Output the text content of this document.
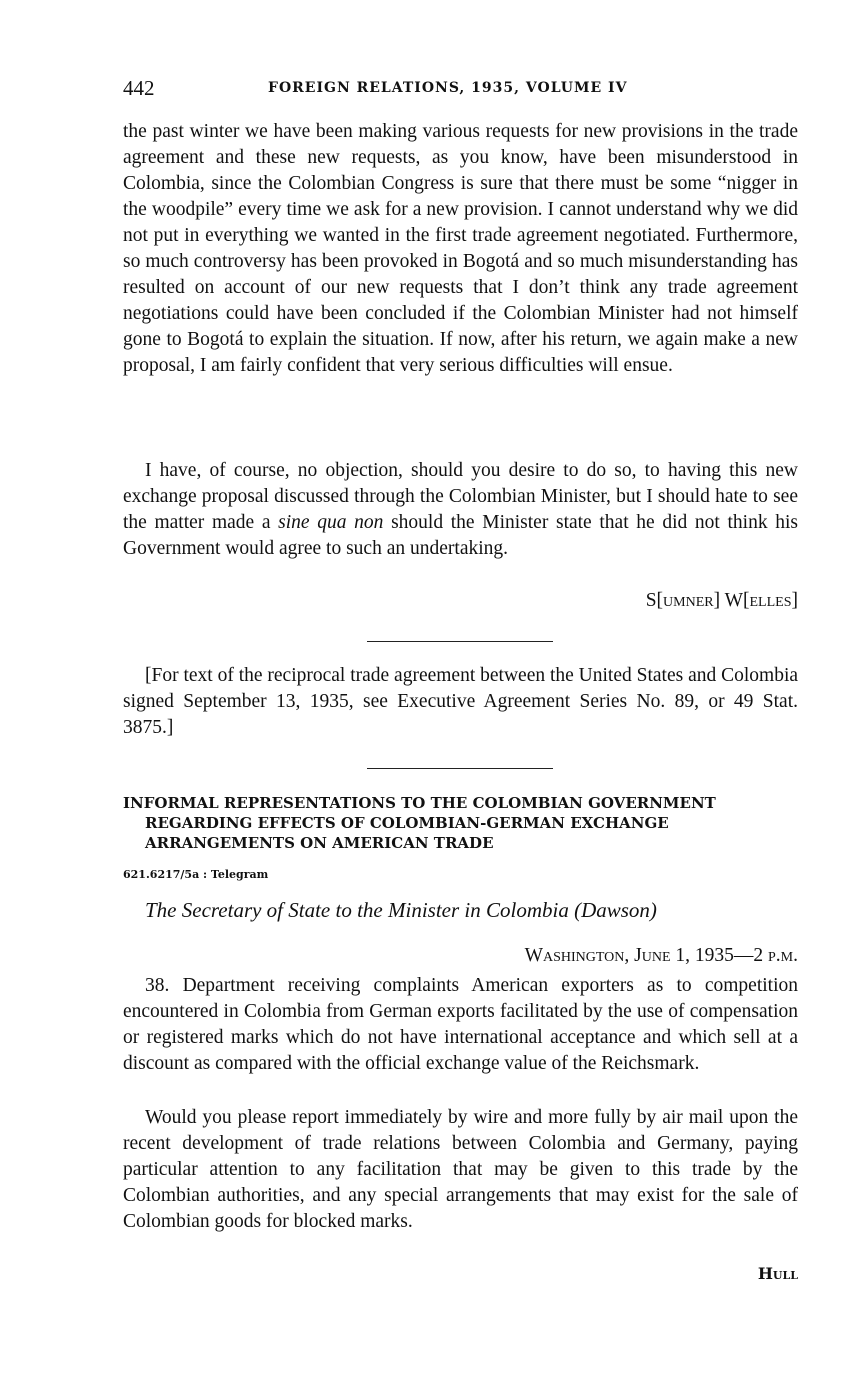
442	FOREIGN RELATIONS, 1935, VOLUME IV

the past winter we have been making various requests for new provisions in the trade agreement and these new requests, as you know, have been misunderstood in Colombia, since the Colombian Congress is sure that there must be some “nigger in the woodpile” every time we ask for a new provision. I cannot understand why we did not put in everything we wanted in the first trade agreement negotiated. Furthermore, so much controversy has been provoked in Bogotá and so much misunderstanding has resulted on account of our new requests that I don’t think any trade agreement negotiations could have been concluded if the Colombian Minister had not himself gone to Bogotá to explain the situation. If now, after his return, we again make a new proposal, I am fairly confident that very serious difficulties will ensue.

I have, of course, no objection, should you desire to do so, to having this new exchange proposal discussed through the Colombian Minister, but I should hate to see the matter made a sine qua non should the Minister state that he did not think his Government would agree to such an undertaking.

S[umner] W[elles]

[For text of the reciprocal trade agreement between the United States and Colombia signed September 13, 1935, see Executive Agreement Series No. 89, or 49 Stat. 3875.]

INFORMAL REPRESENTATIONS TO THE COLOMBIAN GOVERNMENT
REGARDING EFFECTS OF COLOMBIAN-GERMAN EXCHANGE ARRANGEMENTS ON AMERICAN TRADE
621.6217/5a : Telegram
The Secretary of State to the Minister in Colombia (Dawson)
Washington, June 1, 1935—2 p.m.

38. Department receiving complaints American exporters as to competition encountered in Colombia from German exports facilitated by the use of compensation or registered marks which do not have international acceptance and which sell at a discount as compared with the official exchange value of the Reichsmark.

Would you please report immediately by wire and more fully by air mail upon the recent development of trade relations between Colombia and Germany, paying particular attention to any facilitation that may be given to this trade by the Colombian authorities, and any special arrangements that may exist for the sale of Colombian goods for blocked marks.

Hull
